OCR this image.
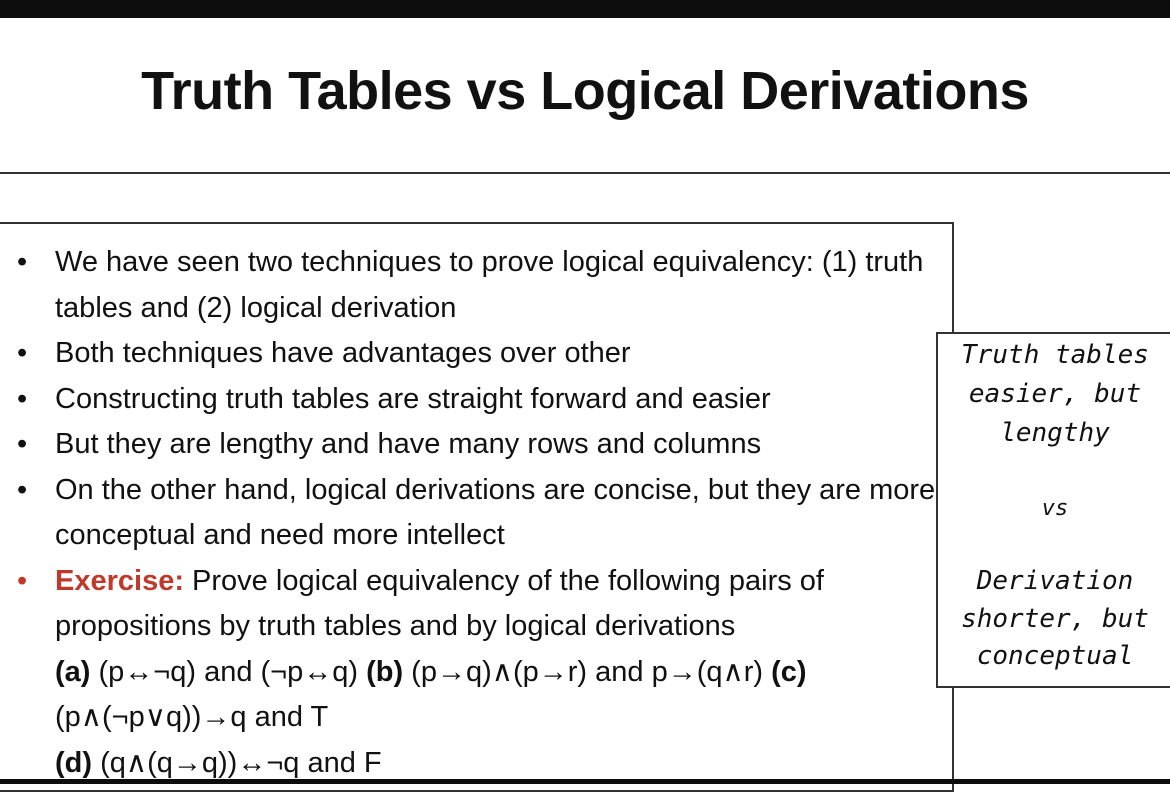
Truth Tables vs Logical Derivations
• We have seen two techniques to prove logical equivalency: (1) truth tables and (2) logical derivation
• Both techniques have advantages over other
• Constructing truth tables are straight forward and easier
• But they are lengthy and have many rows and columns
• On the other hand, logical derivations are concise, but they are more conceptual and need more intellect
• Exercise: Prove logical equivalency of the following pairs of propositions by truth tables and by logical derivations
(a) (p↔¬q) and (¬p↔q) (b) (p→q)∧(p→r) and p→(q∧r) (c) (p∧(¬p∨q))→q and T
(d) (q∧(q→q))↔¬q and F
Truth tables
easier, but
lengthy
vs
Derivation
shorter, but
conceptual
